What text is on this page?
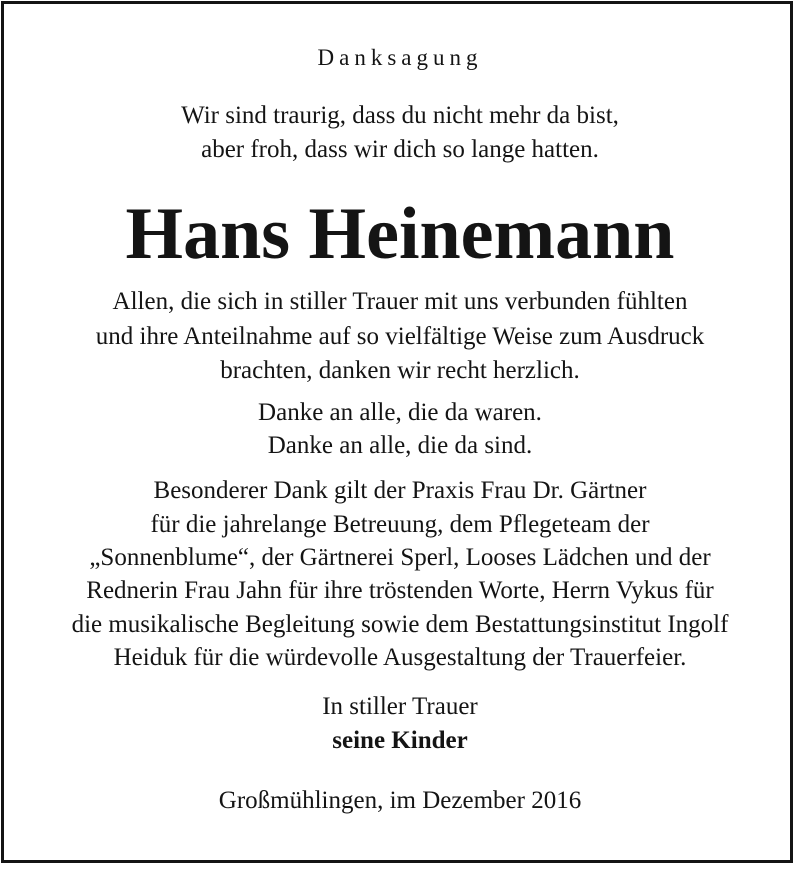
Danksagung
Wir sind traurig, dass du nicht mehr da bist,
aber froh, dass wir dich so lange hatten.
Hans Heinemann
Allen, die sich in stiller Trauer mit uns verbunden fühlten
und ihre Anteilnahme auf so vielfältige Weise zum Ausdruck
brachten, danken wir recht herzlich.
Danke an alle, die da waren.
Danke an alle, die da sind.
Besonderer Dank gilt der Praxis Frau Dr. Gärtner
für die jahrelange Betreuung, dem Pflegeteam der
„Sonnenblume“, der Gärtnerei Sperl, Looses Lädchen und der
Rednerin Frau Jahn für ihre tröstenden Worte, Herrn Vykus für
die musikalische Begleitung sowie dem Bestattungsinstitut Ingolf
Heiduk für die würdevolle Ausgestaltung der Trauerfeier.
In stiller Trauer
seine Kinder
Großmühlingen, im Dezember 2016
